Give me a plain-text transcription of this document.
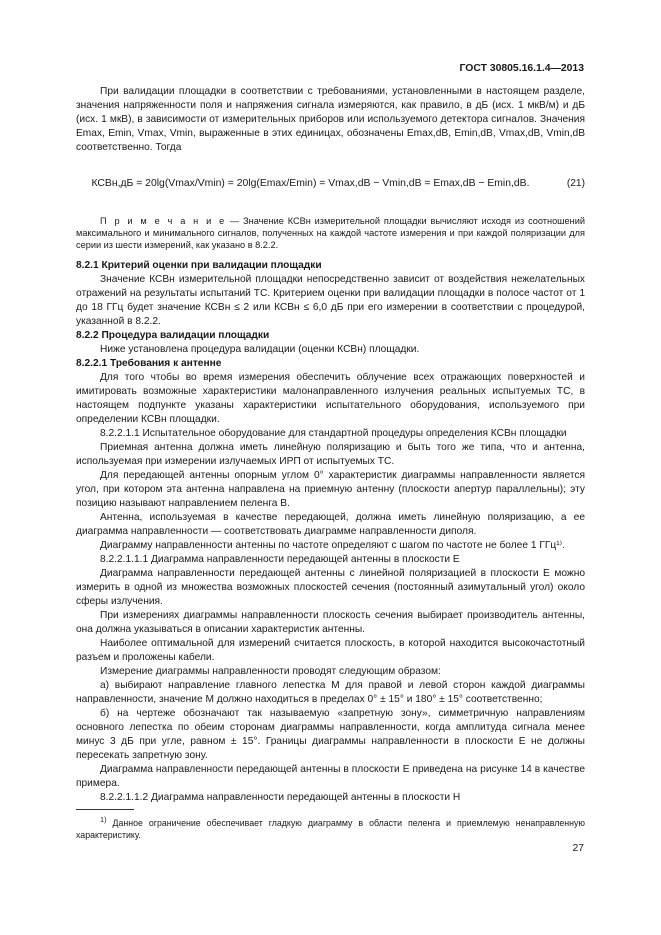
ГОСТ 30805.16.1.4—2013

При валидации площадки в соответствии с требованиями, установленными в настоящем разделе, значения напряженности поля и напряжения сигнала измеряются, как правило, в дБ (исх. 1 мкВ/м) и дБ (исх. 1 мкВ), в зависимости от измерительных приборов или используемого детектора сигналов. Значения Emax, Emin, Vmax, Vmin, выраженные в этих единицах, обозначены Emax,dB, Emin,dB, Vmax,dB, Vmin,dB соответственно. Тогда

КСВн,дБ = 20lg(Vmax/Vmin) = 20lg(Emax/Emin) = Vmax,dB − Vmin,dB = Emax,dB − Emin,dB.	(21)

П р и м е ч а н и е — Значение КСВн измерительной площадки вычисляют исходя из соотношений максимального и минимального сигналов, полученных на каждой частоте измерения и при каждой поляризации для серии из шести измерений, как указано в 8.2.2.

8.2.1 Критерий оценки при валидации площадки

Значение КСВн измерительной площадки непосредственно зависит от воздействия нежелательных отражений на результаты испытаний ТС. Критерием оценки при валидации площадки в полосе частот от 1 до 18 ГГц будет значение КСВн ≤ 2 или КСВн ≤ 6,0 дБ при его измерении в соответствии с процедурой, указанной в 8.2.2.

8.2.2 Процедура валидации площадки

Ниже установлена процедура валидации (оценки КСВн) площадки.

8.2.2.1 Требования к антенне

Для того чтобы во время измерения обеспечить облучение всех отражающих поверхностей и имитировать возможные характеристики малонаправленного излучения реальных испытуемых ТС, в настоящем подпункте указаны характеристики испытательного оборудования, используемого при определении КСВн площадки.

8.2.2.1.1 Испытательное оборудование для стандартной процедуры определения КСВн площадки

Приемная антенна должна иметь линейную поляризацию и быть того же типа, что и антенна, используемая при измерении излучаемых ИРП от испытуемых ТС.

Для передающей антенны опорным углом 0° характеристик диаграммы направленности является угол, при котором эта антенна направлена на приемную антенну (плоскости апертур параллельны); эту позицию называют направлением пеленга B.

Антенна, используемая в качестве передающей, должна иметь линейную поляризацию, а ее диаграмма направленности — соответствовать диаграмме направленности диполя.

Диаграмму направленности антенны по частоте определяют с шагом по частоте не более 1 ГГц¹⁾.

8.2.2.1.1.1 Диаграмма направленности передающей антенны в плоскости E

Диаграмма направленности передающей антенны с линейной поляризацией в плоскости E можно измерить в одной из множества возможных плоскостей сечения (постоянный азимутальный угол) около сферы излучения.

При измерениях диаграммы направленности плоскость сечения выбирает производитель антенны, она должна указываться в описании характеристик антенны.

Наиболее оптимальной для измерений считается плоскость, в которой находится высокочастотный разъем и проложены кабели.

Измерение диаграммы направленности проводят следующим образом:

а) выбирают направление главного лепестка M для правой и левой сторон каждой диаграммы направленности, значение M должно находиться в пределах 0° ± 15° и 180° ± 15° соответственно;

б) на чертеже обозначают так называемую «запретную зону», симметричную направлениям основного лепестка по обеим сторонам диаграммы направленности, когда амплитуда сигнала менее минус 3 дБ при угле, равном ± 15°. Границы диаграммы направленности в плоскости E не должны пересекать запретную зону.

Диаграмма направленности передающей антенны в плоскости E приведена на рисунке 14 в качестве примера.

8.2.2.1.1.2 Диаграмма направленности передающей антенны в плоскости H

$^{1)}$ Данное ограничение обеспечивает гладкую диаграмму в области пеленга и приемлемую ненаправленную характеристику.

27
